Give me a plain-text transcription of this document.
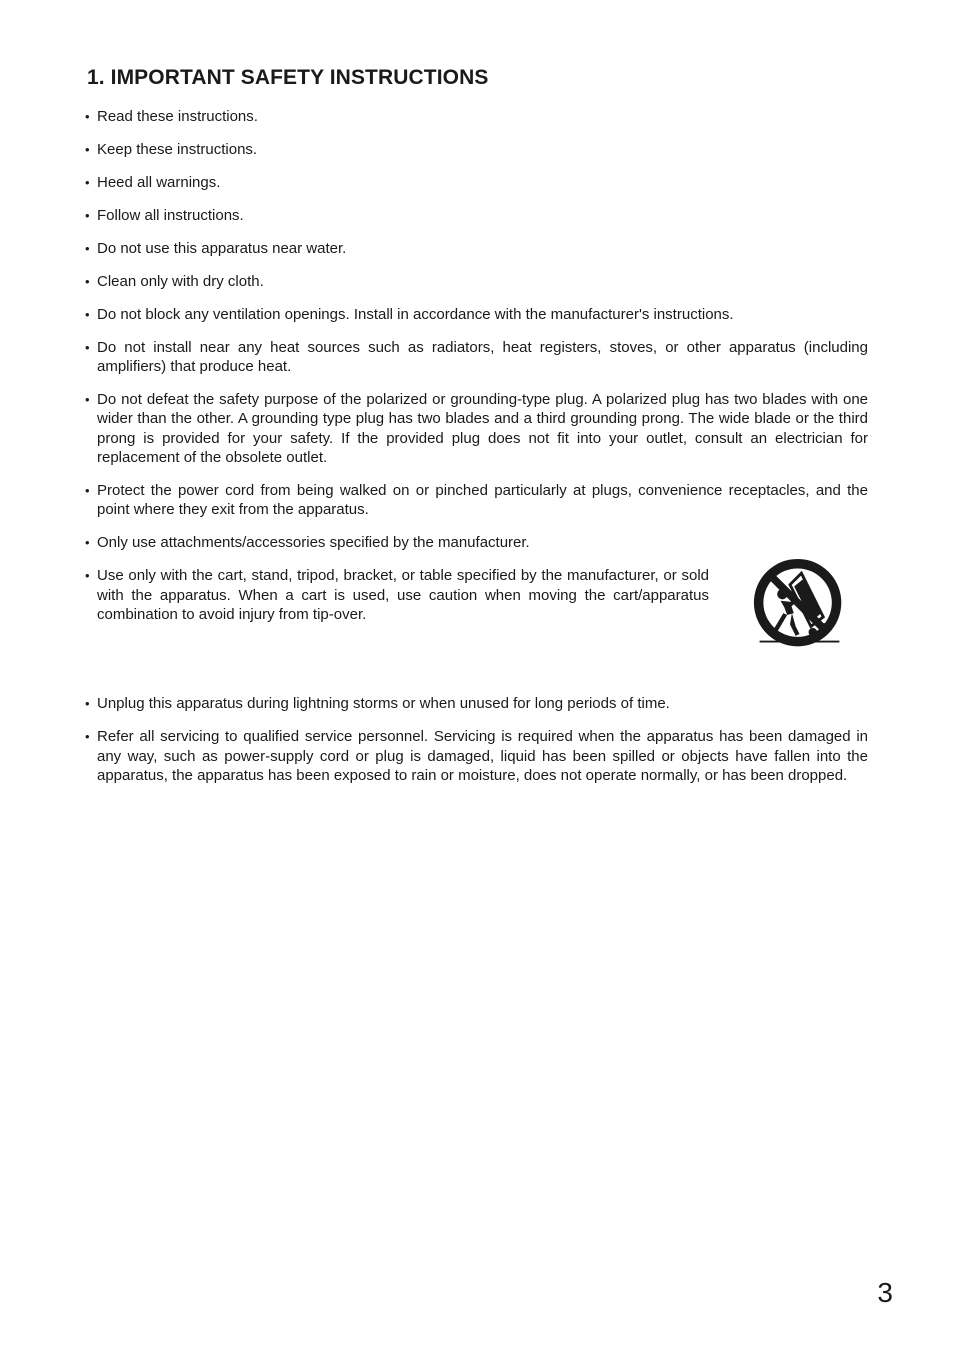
1. IMPORTANT SAFETY INSTRUCTIONS
• Read these instructions.
• Keep these instructions.
• Heed all warnings.
• Follow all instructions.
• Do not use this apparatus near water.
• Clean only with dry cloth.
• Do not block any ventilation openings. Install in accordance with the manufacturer's instructions.
• Do not install near any heat sources such as radiators, heat registers, stoves, or other apparatus (including amplifiers) that produce heat.
• Do not defeat the safety purpose of the polarized or grounding-type plug. A polarized plug has two blades with one wider than the other. A grounding type plug has two blades and a third grounding prong. The wide blade or the third prong is provided for your safety. If the provided plug does not fit into your outlet, consult an electrician for replacement of the obsolete outlet.
• Protect the power cord from being walked on or pinched particularly at plugs, convenience receptacles, and the point where they exit from the apparatus.
• Only use attachments/accessories specified by the manufacturer.
• Use only with the cart, stand, tripod, bracket, or table specified by the manufacturer, or sold with the apparatus. When a cart is used, use caution when moving the cart/apparatus combination to avoid injury from tip-over.
• Unplug this apparatus during lightning storms or when unused for long periods of time.
• Refer all servicing to qualified service personnel. Servicing is required when the apparatus has been damaged in any way, such as power-supply cord or plug is damaged, liquid has been spilled or objects have fallen into the apparatus, the apparatus has been exposed to rain or moisture, does not operate normally, or has been dropped.
3
